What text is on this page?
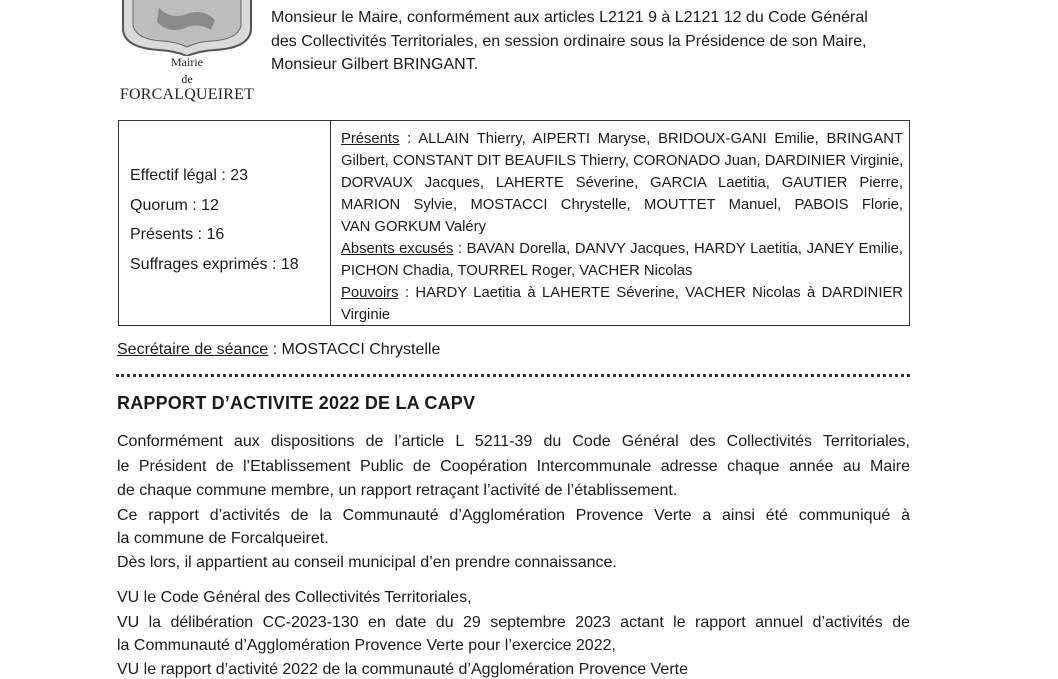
Mairie
de
FORCALQUEIRET
Monsieur le Maire, conformément aux articles L2121 9 à L2121 12 du Code Général
des Collectivités Territoriales, en session ordinaire sous la Présidence de son Maire,
Monsieur Gilbert BRINGANT.
Effectif légal : 23
Quorum : 12
Présents : 16
Suffrages exprimés : 18
Présents : ALLAIN Thierry, AIPERTI Maryse, BRIDOUX-GANI Emilie, BRINGANT
Gilbert, CONSTANT DIT BEAUFILS Thierry, CORONADO Juan, DARDINIER Virginie,
DORVAUX Jacques, LAHERTE Séverine, GARCIA Laetitia, GAUTIER Pierre,
MARION Sylvie, MOSTACCI Chrystelle, MOUTTET Manuel, PABOIS Florie,
VAN GORKUM Valéry
Absents excusés : BAVAN Dorella, DANVY Jacques, HARDY Laetitia, JANEY Emilie,
PICHON Chadia, TOURREL Roger, VACHER Nicolas
Pouvoirs : HARDY Laetitia à LAHERTE Séverine, VACHER Nicolas à DARDINIER
Virginie
Secrétaire de séance : MOSTACCI Chrystelle
RAPPORT D’ACTIVITE 2022 DE LA CAPV
Conformément aux dispositions de l’article L 5211-39 du Code Général des Collectivités Territoriales,
le Président de l’Etablissement Public de Coopération Intercommunale adresse chaque année au Maire
de chaque commune membre, un rapport retraçant l’activité de l’établissement.
Ce rapport d’activités de la Communauté d’Agglomération Provence Verte a ainsi été communiqué à
la commune de Forcalqueiret.
Dès lors, il appartient au conseil municipal d’en prendre connaissance.
VU le Code Général des Collectivités Territoriales,
VU la délibération CC-2023-130 en date du 29 septembre 2023 actant le rapport annuel d’activités de
la Communauté d’Agglomération Provence Verte pour l’exercice 2022,
VU le rapport d’activité 2022 de la communauté d’Agglomération Provence Verte
